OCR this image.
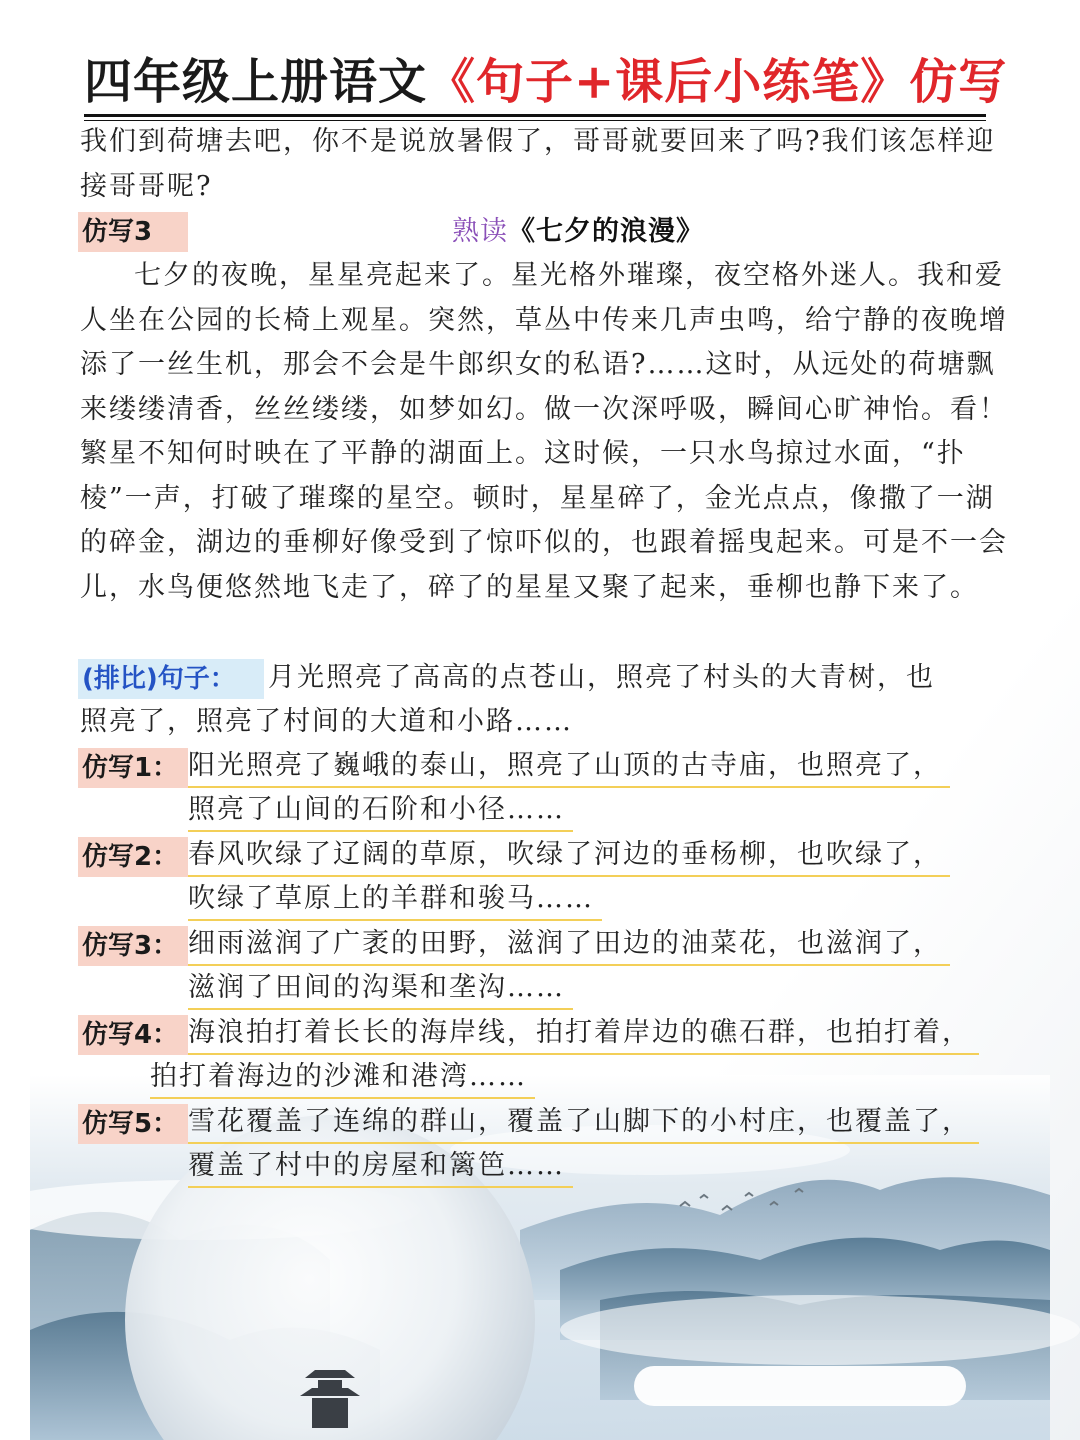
四年级上册语文《句子+课后小练笔》仿写
我们到荷塘去吧，你不是说放暑假了，哥哥就要回来了吗?我们该怎样迎接哥哥呢?
仿写3	熟读《七夕的浪漫》
七夕的夜晚，星星亮起来了。星光格外璀璨，夜空格外迷人。我和爱人坐在公园的长椅上观星。突然，草丛中传来几声虫鸣，给宁静的夜晚增添了一丝生机，那会不会是牛郎织女的私语?……这时，从远处的荷塘飘来缕缕清香，丝丝缕缕，如梦如幻。做一次深呼吸，瞬间心旷神怡。看！繁星不知何时映在了平静的湖面上。这时候，一只水鸟掠过水面，“扑棱”一声，打破了璀璨的星空。顿时，星星碎了，金光点点，像撒了一湖的碎金，湖边的垂柳好像受到了惊吓似的，也跟着摇曳起来。可是不一会儿，水鸟便悠然地飞走了，碎了的星星又聚了起来，垂柳也静下来了。
(排比)句子：	月光照亮了高高的点苍山，照亮了村头的大青树，也
照亮了，照亮了村间的大道和小路……
仿写1： 阳光照亮了巍峨的泰山，照亮了山顶的古寺庙，也照亮了，
照亮了山间的石阶和小径……
仿写2： 春风吹绿了辽阔的草原，吹绿了河边的垂杨柳，也吹绿了，
吹绿了草原上的羊群和骏马……
仿写3： 细雨滋润了广袤的田野，滋润了田边的油菜花，也滋润了，
滋润了田间的沟渠和垄沟……
仿写4： 海浪拍打着长长的海岸线，拍打着岸边的礁石群，也拍打着，
拍打着海边的沙滩和港湾……
仿写5： 雪花覆盖了连绵的群山，覆盖了山脚下的小村庄，也覆盖了，
覆盖了村中的房屋和篱笆……
